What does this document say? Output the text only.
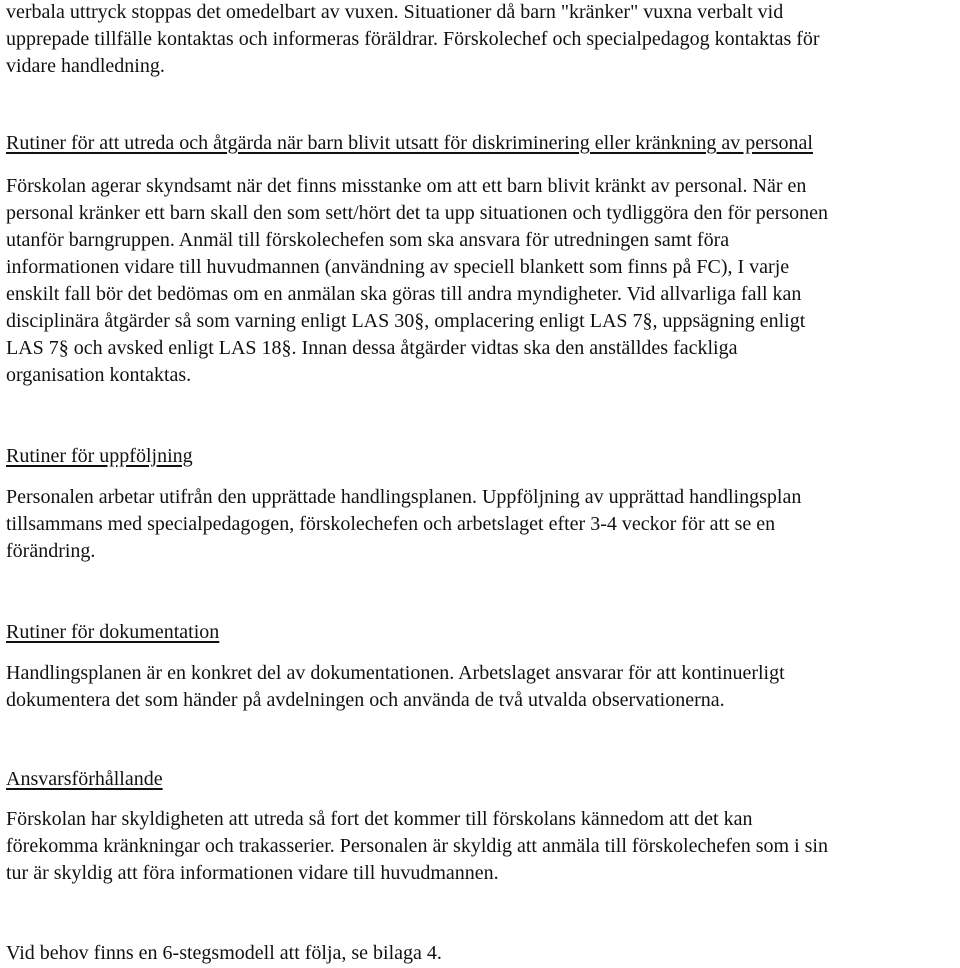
verbala uttryck stoppas det omedelbart av vuxen. Situationer då barn "kränker" vuxna verbalt vid
upprepade tillfälle kontaktas och informeras föräldrar. Förskolechef och specialpedagog kontaktas för
vidare handledning.
Rutiner för att utreda och åtgärda när barn blivit utsatt för diskriminering eller kränkning av personal
Förskolan agerar skyndsamt när det finns misstanke om att ett barn blivit kränkt av personal. När en
personal kränker ett barn skall den som sett/hört det ta upp situationen och tydliggöra den för personen
utanför barngruppen. Anmäl till förskolechefen som ska ansvara för utredningen samt föra
informationen vidare till huvudmannen (användning av speciell blankett som finns på FC), I varje
enskilt fall bör det bedömas om en anmälan ska göras till andra myndigheter. Vid allvarliga fall kan
disciplinära åtgärder så som varning enligt LAS 30§, omplacering enligt LAS 7§, uppsägning enligt
LAS 7§ och avsked enligt LAS 18§. Innan dessa åtgärder vidtas ska den anställdes fackliga
organisation kontaktas.
Rutiner för uppföljning
Personalen arbetar utifrån den upprättade handlingsplanen. Uppföljning av upprättad handlingsplan
tillsammans med specialpedagogen, förskolechefen och arbetslaget efter 3-4 veckor för att se en
förändring.
Rutiner för dokumentation
Handlingsplanen är en konkret del av dokumentationen. Arbetslaget ansvarar för att kontinuerligt
dokumentera det som händer på avdelningen och använda de två utvalda observationerna.
Ansvarsförhållande
Förskolan har skyldigheten att utreda så fort det kommer till förskolans kännedom att det kan
förekomma kränkningar och trakasserier. Personalen är skyldig att anmäla till förskolechefen som i sin
tur är skyldig att föra informationen vidare till huvudmannen.
Vid behov finns en 6-stegsmodell att följa, se bilaga 4.
